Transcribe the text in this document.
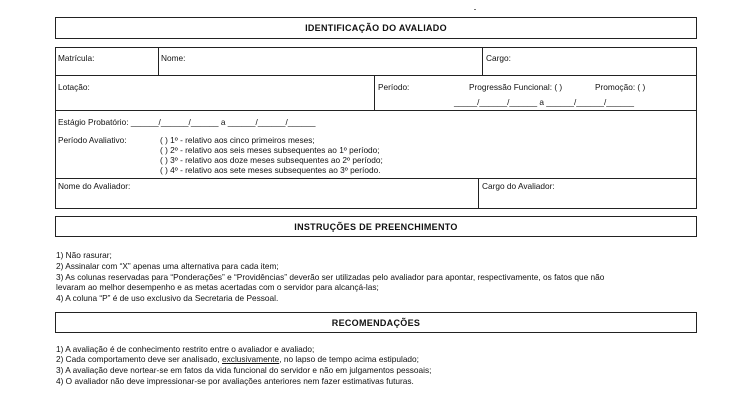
IDENTIFICAÇÃO DO AVALIADO
Matrícula:	Nome:	Cargo:
Lotação:	Período:	Progressão Funcional: ( )	Promoção: ( )
_____/______/______ a ______/______/______
Estágio Probatório: ______/______/______ a ______/______/______
Período Avaliativo:	( ) 1º - relativo aos cinco primeiros meses;
( ) 2º - relativo aos seis meses subsequentes ao 1º período;
( ) 3º - relativo aos doze meses subsequentes ao 2º período;
( ) 4º - relativo aos sete meses subsequentes ao 3º período.
Nome do Avaliador:	Cargo do Avaliador:
INSTRUÇÕES DE PREENCHIMENTO
1) Não rasurar;
2) Assinalar com “X” apenas uma alternativa para cada item;
3) As colunas reservadas para “Ponderações” e “Providências” deverão ser utilizadas pelo avaliador para apontar, respectivamente, os fatos que não
levaram ao melhor desempenho e as metas acertadas com o servidor para alcançá-las;
4) A coluna “P” é de uso exclusivo da Secretaria de Pessoal.
RECOMENDAÇÕES
1) A avaliação é de conhecimento restrito entre o avaliador e avaliado;
2) Cada comportamento deve ser analisado, exclusivamente, no lapso de tempo acima estipulado;
3) A avaliação deve nortear-se em fatos da vida funcional do servidor e não em julgamentos pessoais;
4) O avaliador não deve impressionar-se por avaliações anteriores nem fazer estimativas futuras.
